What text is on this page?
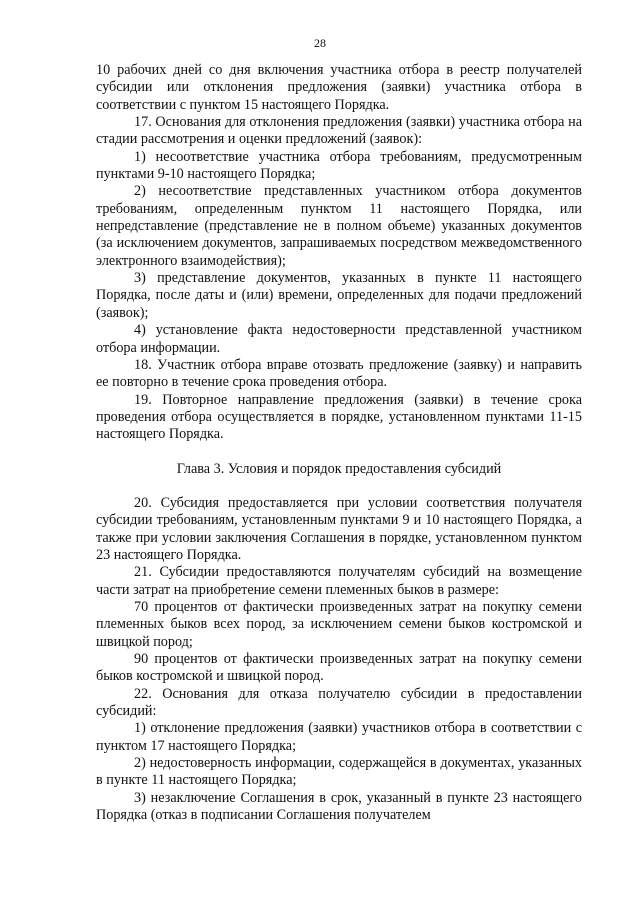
28

10 рабочих дней со дня включения участника отбора в реестр получателей субсидии или отклонения предложения (заявки) участника отбора в соответствии с пунктом 15 настоящего Порядка.

17. Основания для отклонения предложения (заявки) участника отбора на стадии рассмотрения и оценки предложений (заявок):

1) несоответствие участника отбора требованиям, предусмотренным пунктами 9-10 настоящего Порядка;

2) несоответствие представленных участником отбора документов требованиям, определенным пунктом 11 настоящего Порядка, или непредставление (представление не в полном объеме) указанных документов (за исключением документов, запрашиваемых посредством межведомственного электронного взаимодействия);

3) представление документов, указанных в пункте 11 настоящего Порядка, после даты и (или) времени, определенных для подачи предложений (заявок);

4) установление факта недостоверности представленной участником отбора информации.

18. Участник отбора вправе отозвать предложение (заявку) и направить ее повторно в течение срока проведения отбора.

19. Повторное направление предложения (заявки) в течение срока проведения отбора осуществляется в порядке, установленном пунктами 11-15 настоящего Порядка.

Глава 3. Условия и порядок предоставления субсидий

20. Субсидия предоставляется при условии соответствия получателя субсидии требованиям, установленным пунктами 9 и 10 настоящего Порядка, а также при условии заключения Соглашения в порядке, установленном пунктом 23 настоящего Порядка.

21. Субсидии предоставляются получателям субсидий на возмещение части затрат на приобретение семени племенных быков в размере:

70 процентов от фактически произведенных затрат на покупку семени племенных быков всех пород, за исключением семени быков костромской и швицкой пород;

90 процентов от фактически произведенных затрат на покупку семени быков костромской и швицкой пород.

22. Основания для отказа получателю субсидии в предоставлении субсидий:

1) отклонение предложения (заявки) участников отбора в соответствии с пунктом 17 настоящего Порядка;

2) недостоверность информации, содержащейся в документах, указанных в пункте 11 настоящего Порядка;

3) незаключение Соглашения в срок, указанный в пункте 23 настоящего Порядка (отказ в подписании Соглашения получателем
